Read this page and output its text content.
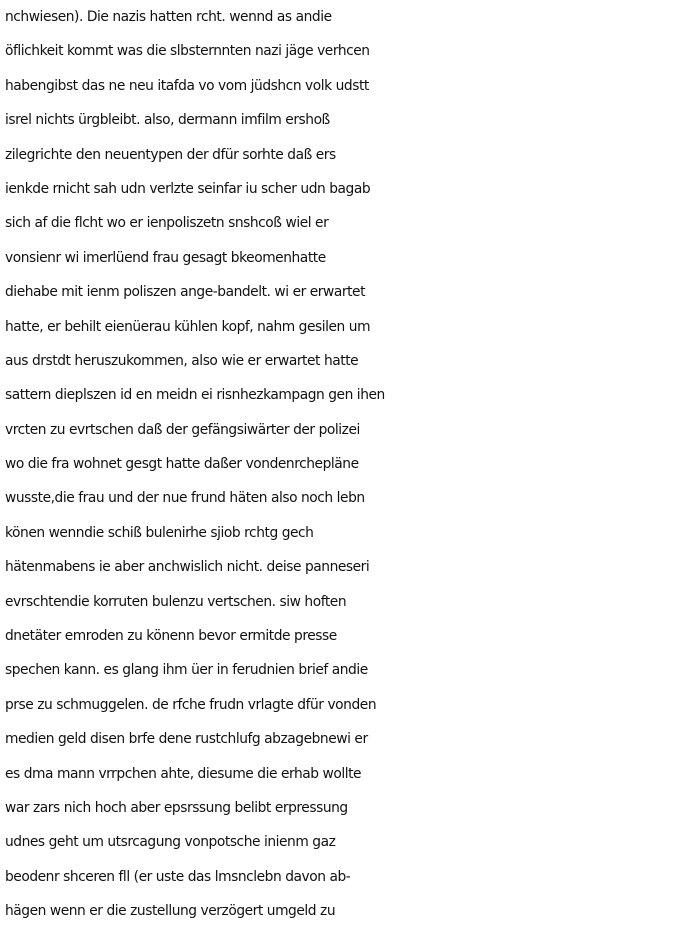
nchwiesen). Die nazis hatten rcht. wennd as andie
öflichkeit kommt was die slbsternnten nazi jäge verhcen
habengibst das ne neu itafda vo vom jüdshcn volk udstt
isrel nichts ürgbleibt. also, dermann imfilm ershoß
zilegrichte den neuentypen der dfür sorhte daß ers
ienkde rnicht sah udn verlzte seinfar iu scher udn bagab
sich af die flcht wo er ienpoliszetn snshcoß wiel er
vonsienr wi imerlüend frau gesagt bkeomenhatte
diehabe mit ienm poliszen ange-bandelt. wi er erwartet
hatte, er behilt eienüerau kühlen kopf, nahm gesilen um
aus drstdt heruszukommen, also wie er erwartet hatte
sattern dieplszen id en meidn ei risnhezkampagn gen ihen
vrcten zu evrtschen daß der gefängsiwärter der polizei
wo die fra wohnet gesgt hatte daßer vondenrchepläne
wusste,die frau und der nue frund häten also noch lebn
könen wenndie schiß bulenirhe sjiob rchtg gech
hätenmabens ie aber anchwislich nicht. deise panneseri
evrschtendie korruten bulenzu vertschen. siw hoften
dnetäter emroden zu könenn bevor ermitde presse
spechen kann. es glang ihm üer in ferudnien brief andie
prse zu schmuggelen. de rfche frudn vrlagte dfür vonden
medien geld disen brfe dene rustchlufg abzagebnewi er
es dma mann vrrpchen ahte, diesume die erhab wollte
war zars nich hoch aber epsrssung belibt erpressung
udnes geht um utsrcagung vonpotsche inienm gaz
beodenr shceren fll (er uste das lmsnclebn davon ab-
hägen wenn er die zustellung verzögert umgeld zu
